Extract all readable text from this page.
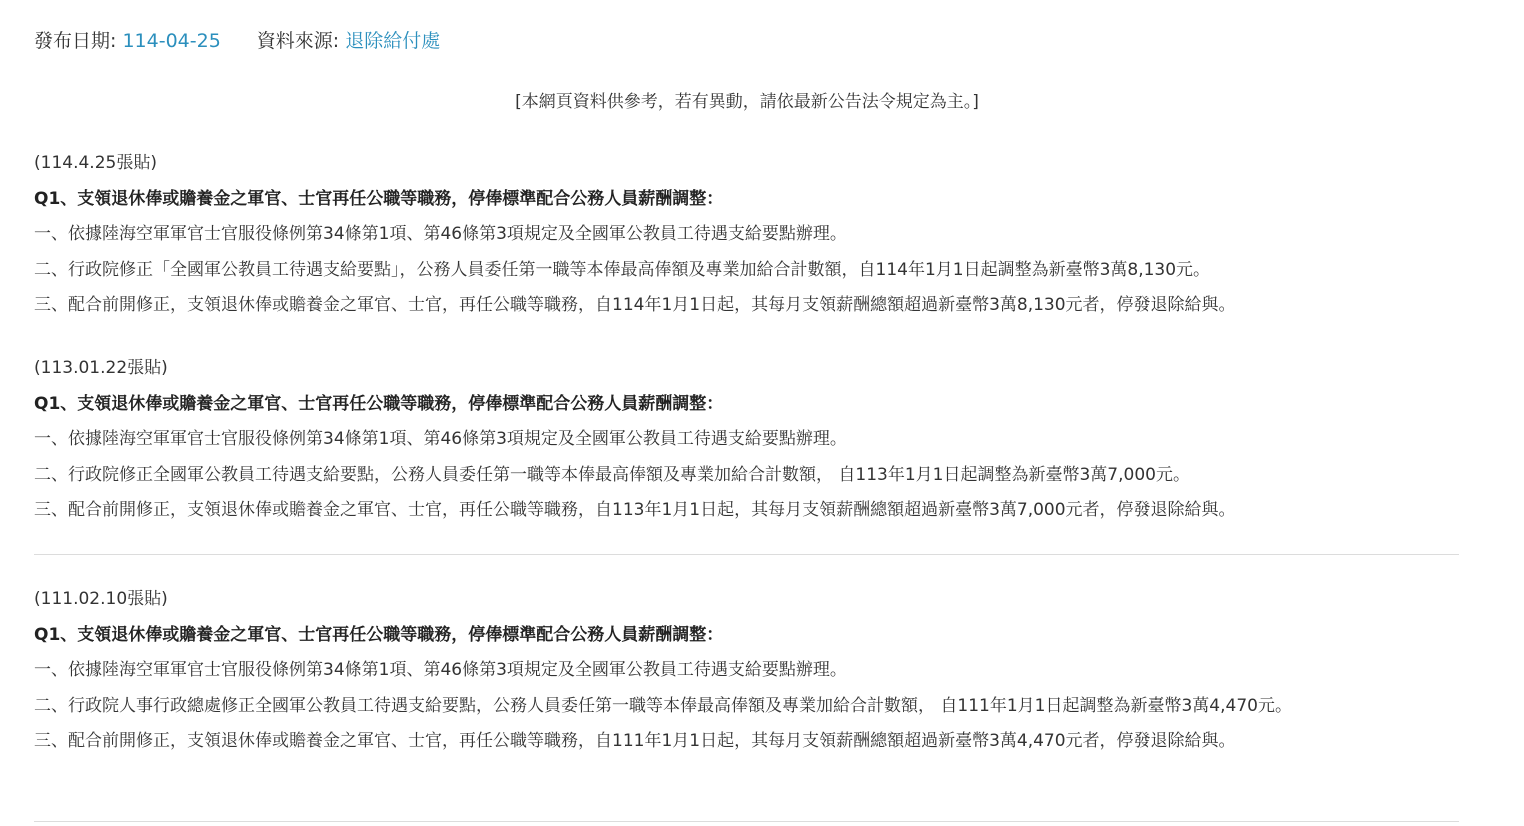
發布日期: 114-04-25 資料來源: 退除給付處
[本網頁資料供參考，若有異動，請依最新公告法令規定為主。]
(114.4.25張貼)
Q1、支領退休俸或贍養金之軍官、士官再任公職等職務，停俸標準配合公務人員薪酬調整：
一、依據陸海空軍軍官士官服役條例第34條第1項、第46條第3項規定及全國軍公教員工待遇支給要點辦理。
二、行政院修正「全國軍公教員工待遇支給要點」，公務人員委任第一職等本俸最高俸額及專業加給合計數額，自114年1月1日起調整為新臺幣3萬8,130元。
三、配合前開修正，支領退休俸或贍養金之軍官、士官，再任公職等職務，自114年1月1日起，其每月支領薪酬總額超過新臺幣3萬8,130元者，停發退除給與。
(113.01.22張貼)
Q1、支領退休俸或贍養金之軍官、士官再任公職等職務，停俸標準配合公務人員薪酬調整：
一、依據陸海空軍軍官士官服役條例第34條第1項、第46條第3項規定及全國軍公教員工待遇支給要點辦理。
二、行政院修正全國軍公教員工待遇支給要點，公務人員委任第一職等本俸最高俸額及專業加給合計數額， 自113年1月1日起調整為新臺幣3萬7,000元。
三、配合前開修正，支領退休俸或贍養金之軍官、士官，再任公職等職務，自113年1月1日起，其每月支領薪酬總額超過新臺幣3萬7,000元者，停發退除給與。
(111.02.10張貼)
Q1、支領退休俸或贍養金之軍官、士官再任公職等職務，停俸標準配合公務人員薪酬調整：
一、依據陸海空軍軍官士官服役條例第34條第1項、第46條第3項規定及全國軍公教員工待遇支給要點辦理。
二、行政院人事行政總處修正全國軍公教員工待遇支給要點，公務人員委任第一職等本俸最高俸額及專業加給合計數額， 自111年1月1日起調整為新臺幣3萬4,470元。
三、配合前開修正，支領退休俸或贍養金之軍官、士官，再任公職等職務，自111年1月1日起，其每月支領薪酬總額超過新臺幣3萬4,470元者，停發退除給與。
